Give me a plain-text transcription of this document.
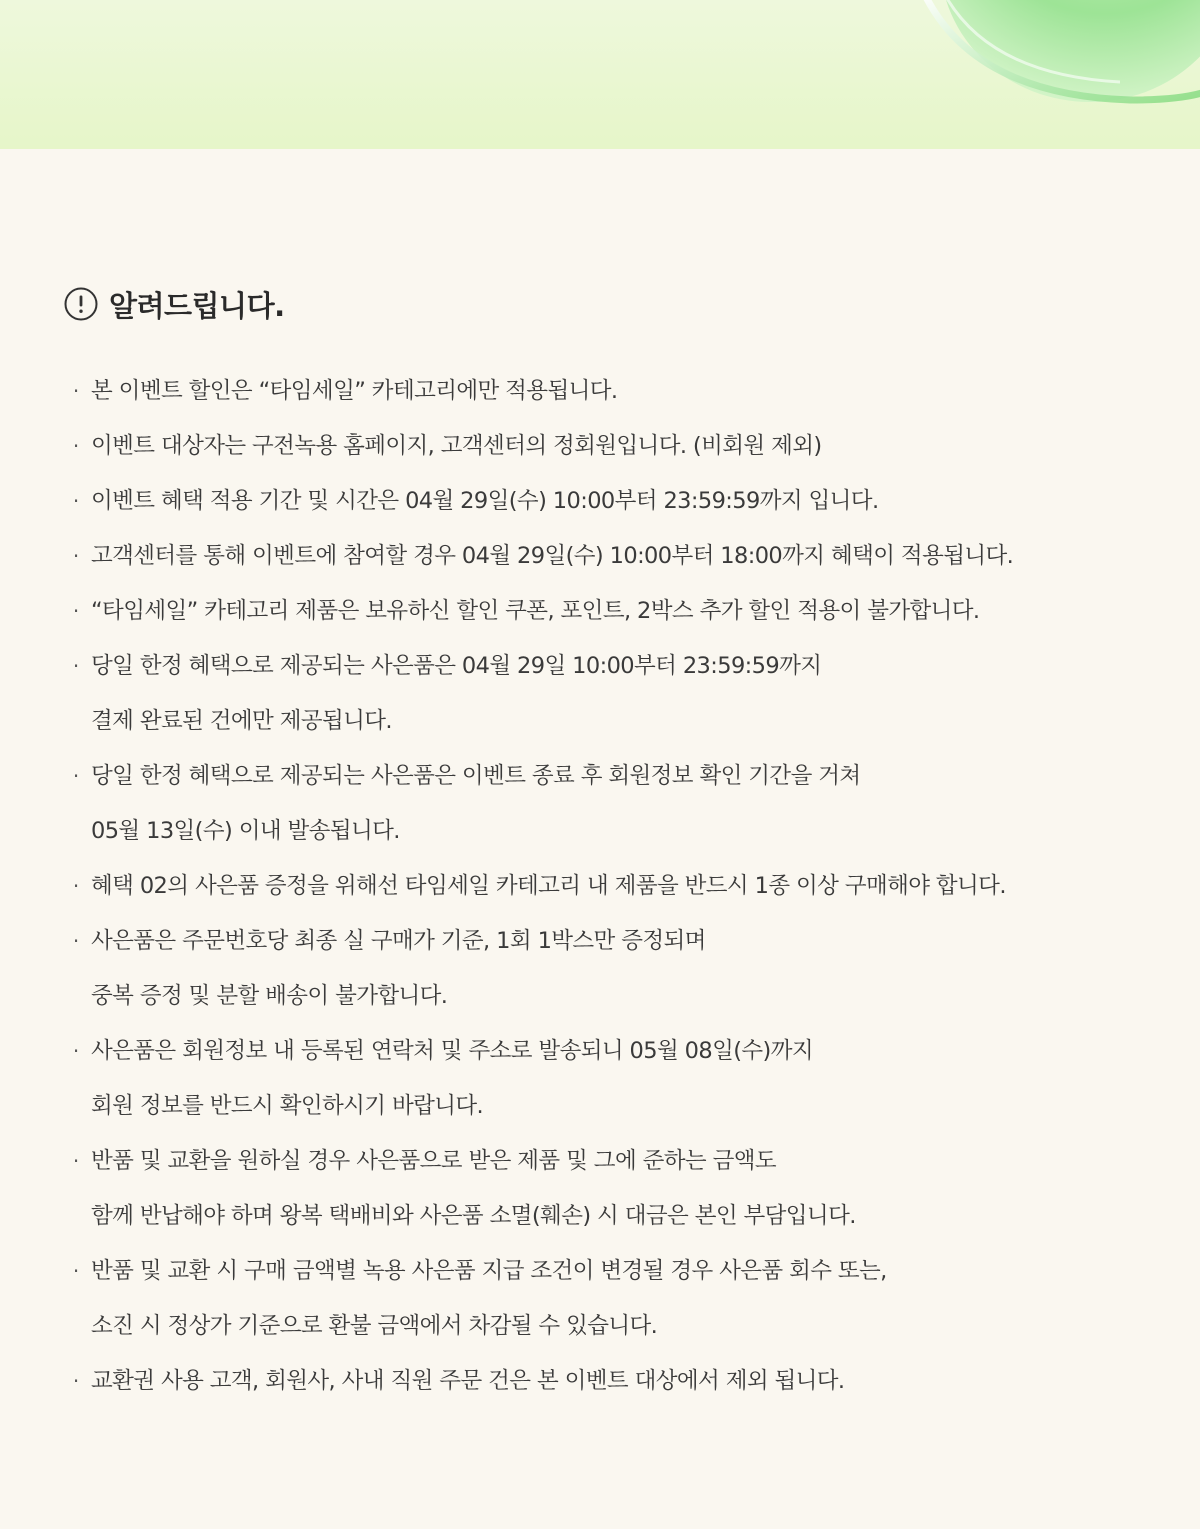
알려드립니다.
· 본 이벤트 할인은 “타임세일” 카테고리에만 적용됩니다.
· 이벤트 대상자는 구전녹용 홈페이지, 고객센터의 정회원입니다. (비회원 제외)
· 이벤트 혜택 적용 기간 및 시간은 04월 29일(수) 10:00부터 23:59:59까지 입니다.
· 고객센터를 통해 이벤트에 참여할 경우 04월 29일(수) 10:00부터 18:00까지 혜택이 적용됩니다.
· “타임세일” 카테고리 제품은 보유하신 할인 쿠폰, 포인트, 2박스 추가 할인 적용이 불가합니다.
· 당일 한정 혜택으로 제공되는 사은품은 04월 29일 10:00부터 23:59:59까지
결제 완료된 건에만 제공됩니다.
· 당일 한정 혜택으로 제공되는 사은품은 이벤트 종료 후 회원정보 확인 기간을 거쳐
05월 13일(수) 이내 발송됩니다.
· 혜택 02의 사은품 증정을 위해선 타임세일 카테고리 내 제품을 반드시 1종 이상 구매해야 합니다.
· 사은품은 주문번호당 최종 실 구매가 기준, 1회 1박스만 증정되며
중복 증정 및 분할 배송이 불가합니다.
· 사은품은 회원정보 내 등록된 연락처 및 주소로 발송되니 05월 08일(수)까지
회원 정보를 반드시 확인하시기 바랍니다.
· 반품 및 교환을 원하실 경우 사은품으로 받은 제품 및 그에 준하는 금액도
함께 반납해야 하며 왕복 택배비와 사은품 소멸(훼손) 시 대금은 본인 부담입니다.
· 반품 및 교환 시 구매 금액별 녹용 사은품 지급 조건이 변경될 경우 사은품 회수 또는,
소진 시 정상가 기준으로 환불 금액에서 차감될 수 있습니다.
· 교환권 사용 고객, 회원사, 사내 직원 주문 건은 본 이벤트 대상에서 제외 됩니다.
